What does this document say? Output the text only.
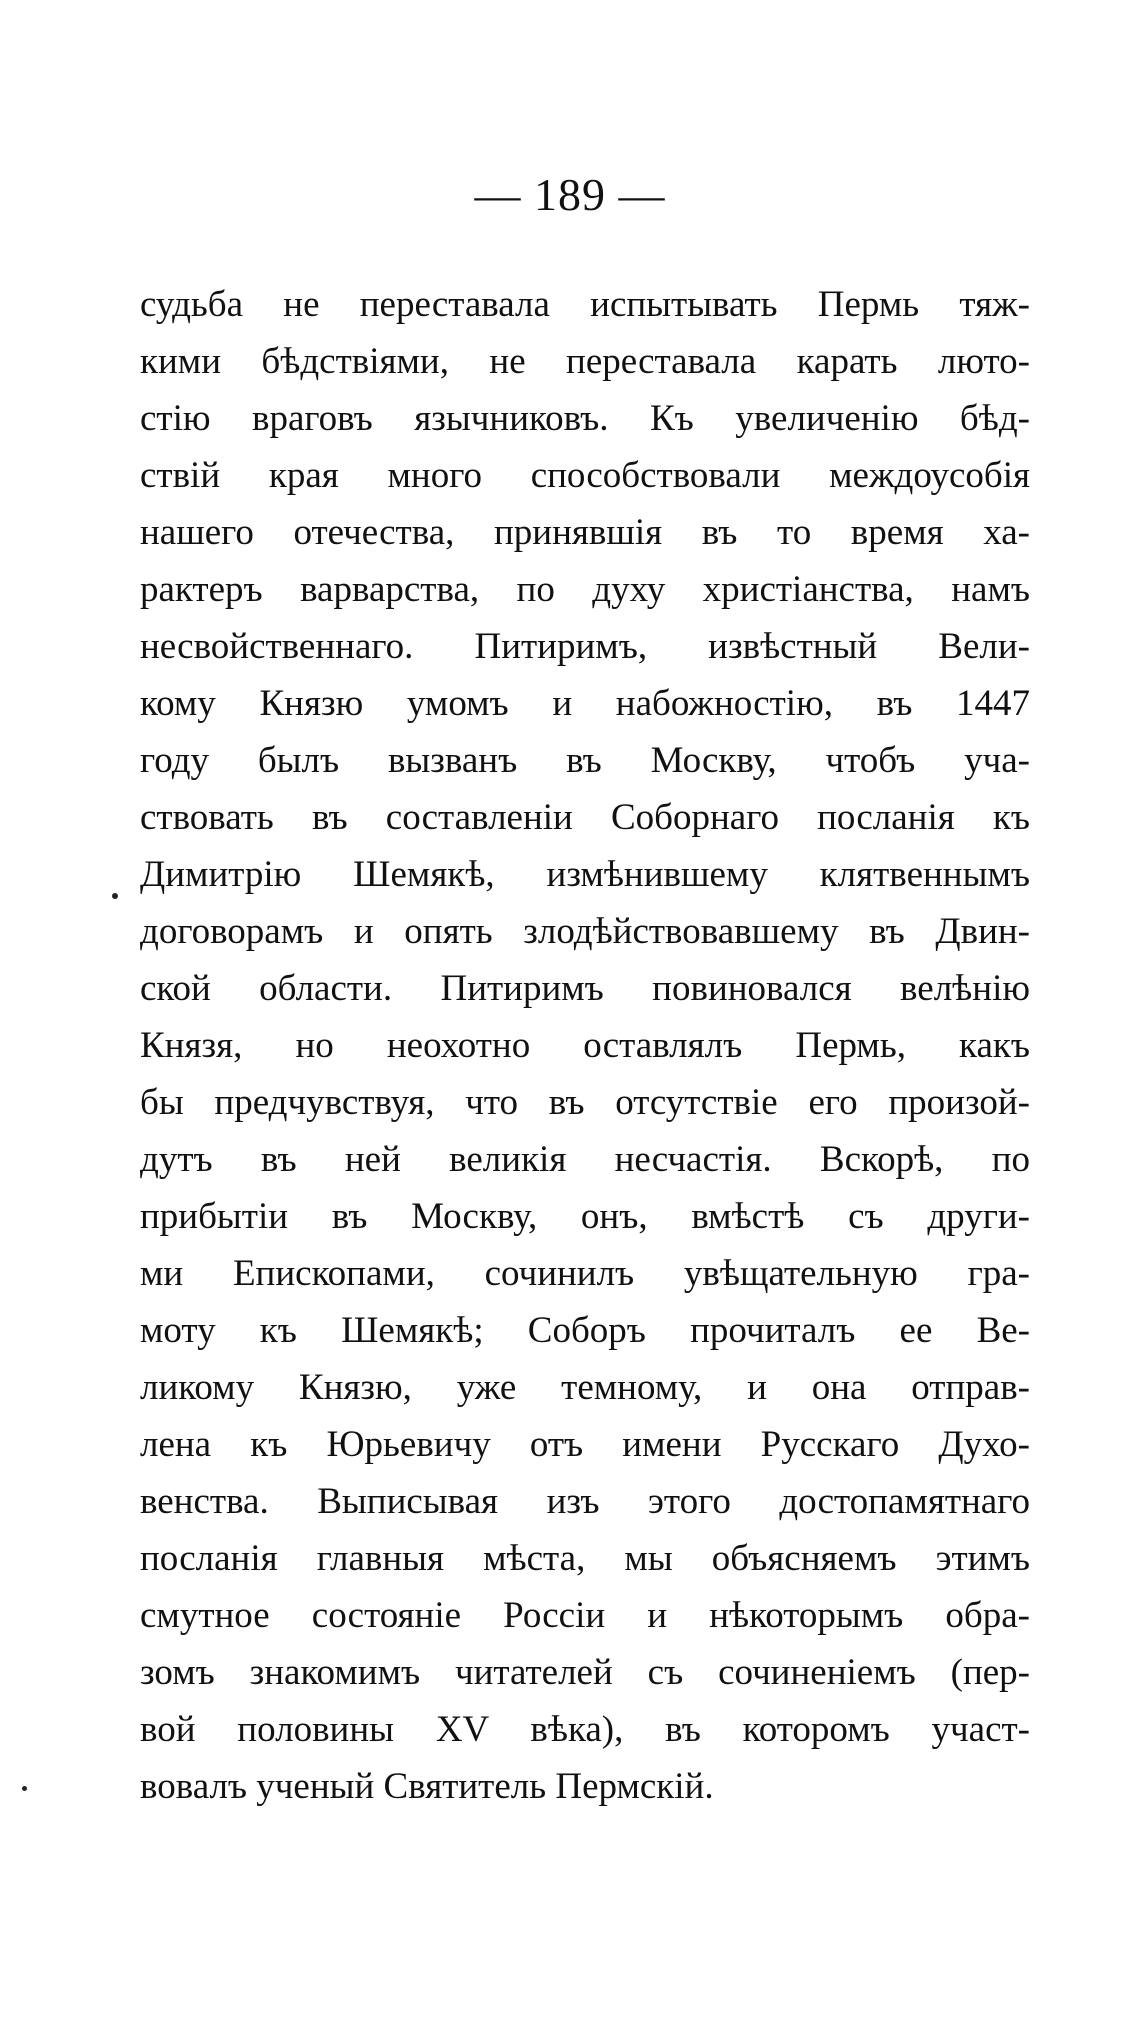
— 189 —
судьба не переставала испытывать Пермь тяж-
кими бѣдствіями, не переставала карать люто-
стію враговъ язычниковъ. Къ увеличенію бѣд-
ствій края много способствовали междоусобія
нашего отечества, принявшія въ то время ха-
рактеръ варварства, по духу христіанства, намъ
несвойственнаго. Питиримъ, извѣстный Вели-
кому Князю умомъ и набожностію, въ 1447
году былъ вызванъ въ Москву, чтобъ уча-
ствовать въ составленіи Соборнаго посланія къ
Димитрію Шемякѣ, измѣнившему клятвеннымъ
договорамъ и опять злодѣйствовавшему въ Двин-
ской области. Питиримъ повиновался велѣнію
Князя, но неохотно оставлялъ Пермь, какъ
бы предчувствуя, что въ отсутствіе его произой-
дутъ въ ней великія несчастія. Вскорѣ, по
прибытіи въ Москву, онъ, вмѣстѣ съ други-
ми Епископами, сочинилъ увѣщательную гра-
моту къ Шемякѣ; Соборъ прочиталъ ее Ве-
ликому Князю, уже темному, и она отправ-
лена къ Юрьевичу отъ имени Русскаго Духо-
венства. Выписывая изъ этого достопамятнаго
посланія главныя мѣста, мы объясняемъ этимъ
смутное состояніе Россіи и нѣкоторымъ обра-
зомъ знакомимъ читателей съ сочиненіемъ (пер-
вой половины XV вѣка), въ которомъ участ-
вовалъ ученый Святитель Пермскій.
